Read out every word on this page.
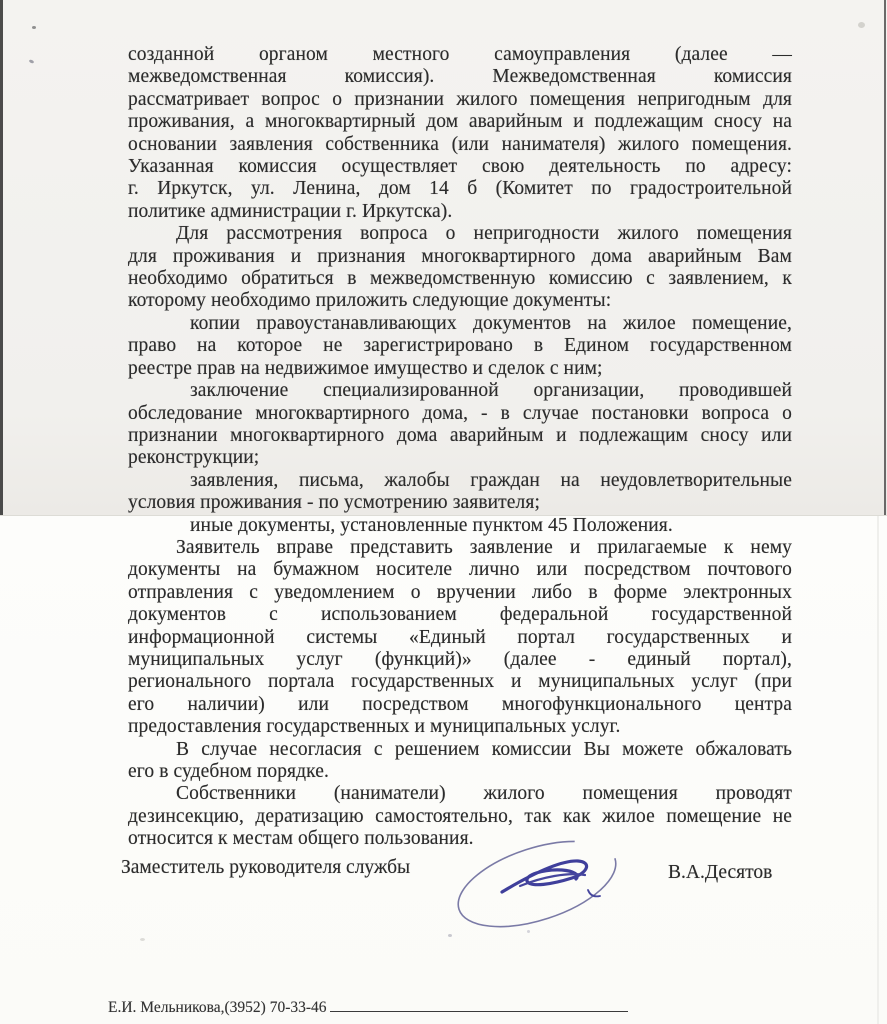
созданной органом местного самоуправления (далее —
межведомственная комиссия). Межведомственная комиссия
рассматривает вопрос о признании жилого помещения непригодным для
проживания, а многоквартирный дом аварийным и подлежащим сносу на
основании заявления собственника (или нанимателя) жилого помещения.
Указанная комиссия осуществляет свою деятельность по адресу:
г. Иркутск, ул. Ленина, дом 14 б (Комитет по градостроительной
политике администрации г. Иркутска).
Для рассмотрения вопроса о непригодности жилого помещения
для проживания и признания многоквартирного дома аварийным Вам
необходимо обратиться в межведомственную комиссию с заявлением, к
которому необходимо приложить следующие документы:
копии правоустанавливающих документов на жилое помещение,
право на которое не зарегистрировано в Едином государственном
реестре прав на недвижимое имущество и сделок с ним;
заключение специализированной организации, проводившей
обследование многоквартирного дома, - в случае постановки вопроса о
признании многоквартирного дома аварийным и подлежащим сносу или
реконструкции;
заявления, письма, жалобы граждан на неудовлетворительные
условия проживания - по усмотрению заявителя;
иные документы, установленные пунктом 45 Положения.
Заявитель вправе представить заявление и прилагаемые к нему
документы на бумажном носителе лично или посредством почтового
отправления с уведомлением о вручении либо в форме электронных
документов с использованием федеральной государственной
информационной системы «Единый портал государственных и
муниципальных услуг (функций)» (далее - единый портал),
регионального портала государственных и муниципальных услуг (при
его наличии) или посредством многофункционального центра
предоставления государственных и муниципальных услуг.
В случае несогласия с решением комиссии Вы можете обжаловать
его в судебном порядке.
Собственники (наниматели) жилого помещения проводят
дезинсекцию, дератизацию самостоятельно, так как жилое помещение не
относится к местам общего пользования.
Заместитель руководителя службы	В.А.Десятов
Е.И. Мельникова,(3952) 70-33-46
